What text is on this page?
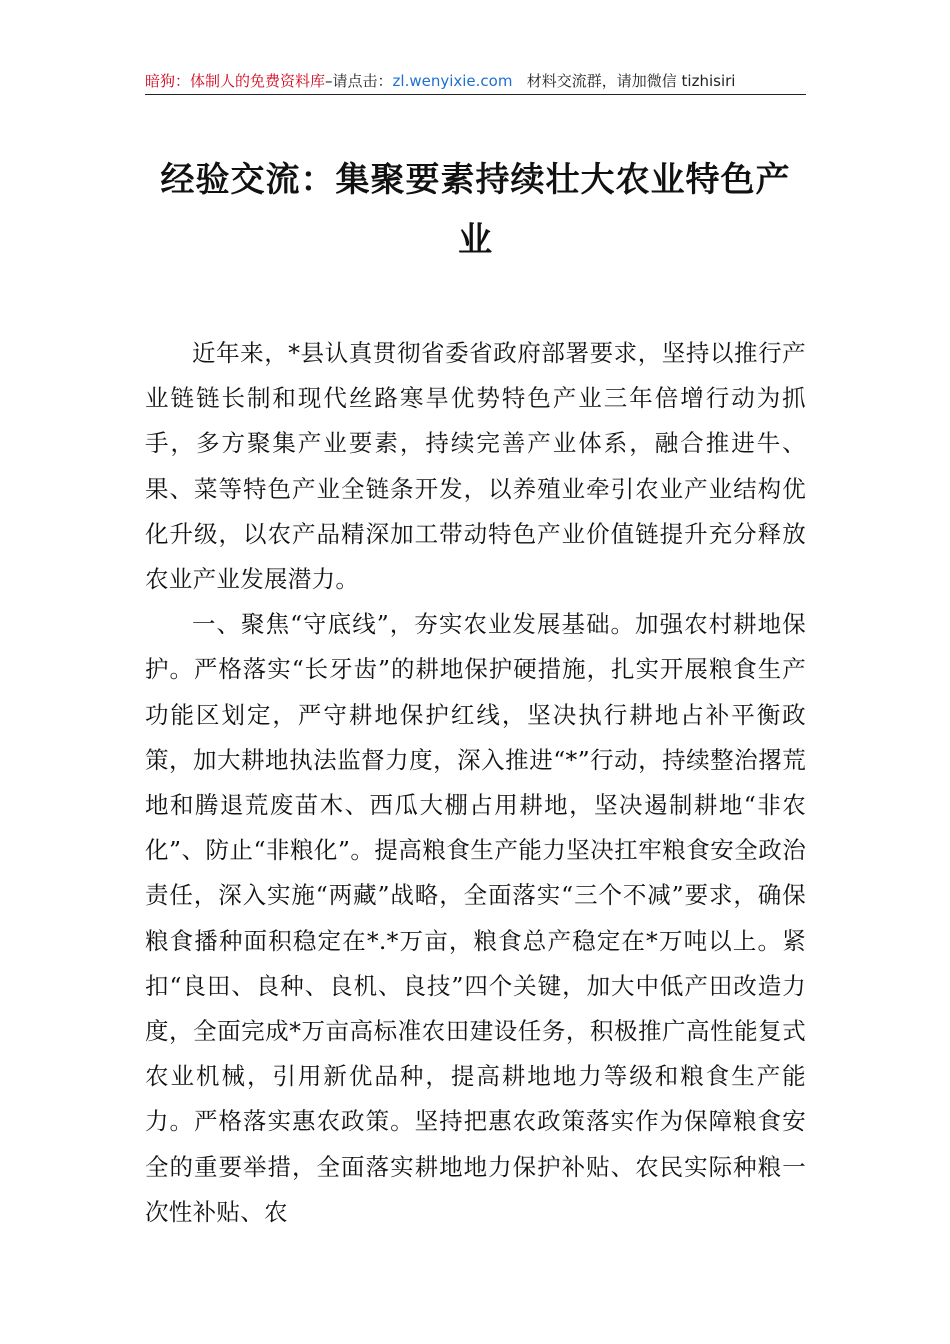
暗狗：体制人的免费资料库–请点击：zl.wenyixie.com 材料交流群，请加微信 tizhisiri
经验交流：集聚要素持续壮大农业特色产业

近年来，*县认真贯彻省委省政府部署要求，坚持以推行产业链链长制和现代丝路寒旱优势特色产业三年倍增行动为抓手，多方聚集产业要素，持续完善产业体系，融合推进牛、果、菜等特色产业全链条开发，以养殖业牵引农业产业结构优化升级，以农产品精深加工带动特色产业价值链提升充分释放农业产业发展潜力。

一、聚焦“守底线”，夯实农业发展基础。加强农村耕地保护。严格落实“长牙齿”的耕地保护硬措施，扎实开展粮食生产功能区划定，严守耕地保护红线，坚决执行耕地占补平衡政策，加大耕地执法监督力度，深入推进“*”行动，持续整治撂荒地和腾退荒废苗木、西瓜大棚占用耕地，坚决遏制耕地“非农化”、防止“非粮化”。提高粮食生产能力坚决扛牢粮食安全政治责任，深入实施“两藏”战略，全面落实“三个不减”要求，确保粮食播种面积稳定在*.*万亩，粮食总产稳定在*万吨以上。紧扣“良田、良种、良机、良技”四个关键，加大中低产田改造力度，全面完成*万亩高标准农田建设任务，积极推广高性能复式农业机械，引用新优品种，提高耕地地力等级和粮食生产能力。严格落实惠农政策。坚持把惠农政策落实作为保障粮食安全的重要举措，全面落实耕地地力保护补贴、农民实际种粮一次性补贴、农
